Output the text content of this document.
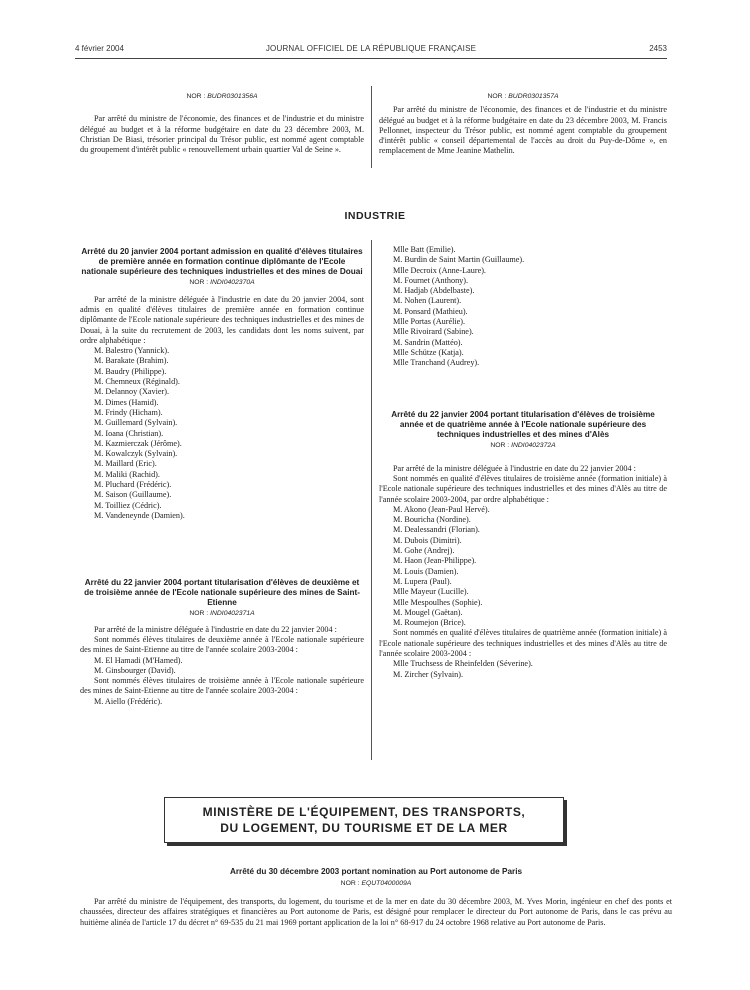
4 février 2004	JOURNAL OFFICIEL DE LA RÉPUBLIQUE FRANÇAISE	2453
NOR : BUDR0301356A

Par arrêté du ministre de l'économie, des finances et de l'industrie et du ministre délégué au budget et à la réforme budgétaire en date du 23 décembre 2003, M. Christian De Biasi, trésorier principal du Trésor public, est nommé agent comptable du groupement d'intérêt public « renouvellement urbain quartier Val de Seine ».

NOR : BUDR0301357A

Par arrêté du ministre de l'économie, des finances et de l'industrie et du ministre délégué au budget et à la réforme budgétaire en date du 23 décembre 2003, M. Francis Pellonnet, inspecteur du Trésor public, est nommé agent comptable du groupement d'intérêt public « conseil départemental de l'accès au droit du Puy-de-Dôme », en remplacement de Mme Jeanine Mathelin.

INDUSTRIE
Arrêté du 20 janvier 2004 portant admission en qualité d'élèves titulaires de première année en formation continue diplômante de l'Ecole nationale supérieure des techniques industrielles et des mines de Douai
NOR : INDI0402370A

Par arrêté de la ministre déléguée à l'industrie en date du 20 janvier 2004, sont admis en qualité d'élèves titulaires de première année en formation continue diplômante de l'Ecole nationale supérieure des techniques industrielles et des mines de Douai, à la suite du recrutement de 2003, les candidats dont les noms suivent, par ordre alphabétique :

M. Balestro (Yannick).
M. Barakate (Brahim).
M. Baudry (Philippe).
M. Chemneux (Réginald).
M. Delannoy (Xavier).
M. Dimes (Hamid).
M. Frindy (Hicham).
M. Guillemard (Sylvain).
M. Ioana (Christian).
M. Kazmierczak (Jérôme).
M. Kowalczyk (Sylvain).
M. Maillard (Eric).
M. Maliki (Rachid).
M. Pluchard (Frédéric).
M. Saison (Guillaume).
M. Toilliez (Cédric).
M. Vandeneynde (Damien).
Arrêté du 22 janvier 2004 portant titularisation d'élèves de deuxième et de troisième année de l'Ecole nationale supérieure des mines de Saint-Etienne
NOR : INDI0402371A

Par arrêté de la ministre déléguée à l'industrie en date du 22 janvier 2004 :

Sont nommés élèves titulaires de deuxième année à l'Ecole nationale supérieure des mines de Saint-Etienne au titre de l'année scolaire 2003-2004 :

M. El Hamadi (M'Hamed).
M. Ginsbourger (David).

Sont nommés élèves titulaires de troisième année à l'Ecole nationale supérieure des mines de Saint-Etienne au titre de l'année scolaire 2003-2004 :

M. Aiello (Frédéric).
Mlle Batt (Emilie).
M. Burdin de Saint Martin (Guillaume).
Mlle Decroix (Anne-Laure).
M. Fournet (Anthony).
M. Hadjab (Abdelbaste).
M. Nohen (Laurent).
M. Ponsard (Mathieu).
Mlle Portas (Aurélie).
Mlle Rivoirard (Sabine).
M. Sandrin (Mattéo).
Mlle Schütze (Katja).
Mlle Tranchand (Audrey).
Arrêté du 22 janvier 2004 portant titularisation d'élèves de troisième année et de quatrième année à l'Ecole nationale supérieure des techniques industrielles et des mines d'Alès
NOR : INDI0402372A

Par arrêté de la ministre déléguée à l'industrie en date du 22 janvier 2004 :

Sont nommés en qualité d'élèves titulaires de troisième année (formation initiale) à l'Ecole nationale supérieure des techniques industrielles et des mines d'Alès au titre de l'année scolaire 2003-2004, par ordre alphabétique :

M. Akono (Jean-Paul Hervé).
M. Bouricha (Nordine).
M. Dealessandri (Florian).
M. Dubois (Dimitri).
M. Gohe (Andrej).
M. Haon (Jean-Philippe).
M. Louis (Damien).
M. Lupera (Paul).
Mlle Mayeur (Lucille).
Mlle Mespoulhes (Sophie).
M. Mougel (Gaëtan).
M. Roumejon (Brice).

Sont nommés en qualité d'élèves titulaires de quatrième année (formation initiale) à l'Ecole nationale supérieure des techniques industrielles et des mines d'Alès au titre de l'année scolaire 2003-2004 :

Mlle Truchsess de Rheinfelden (Séverine).
M. Zircher (Sylvain).
MINISTÈRE DE L'ÉQUIPEMENT, DES TRANSPORTS,
DU LOGEMENT, DU TOURISME ET DE LA MER
Arrêté du 30 décembre 2003 portant nomination au Port autonome de Paris
NOR : EQUT0400009A

Par arrêté du ministre de l'équipement, des transports, du logement, du tourisme et de la mer en date du 30 décembre 2003, M. Yves Morin, ingénieur en chef des ponts et chaussées, directeur des affaires stratégiques et financières au Port autonome de Paris, est désigné pour remplacer le directeur du Port autonome de Paris, dans le cas prévu au huitième alinéa de l'article 17 du décret n° 69-535 du 21 mai 1969 portant application de la loi n° 68-917 du 24 octobre 1968 relative au Port autonome de Paris.
